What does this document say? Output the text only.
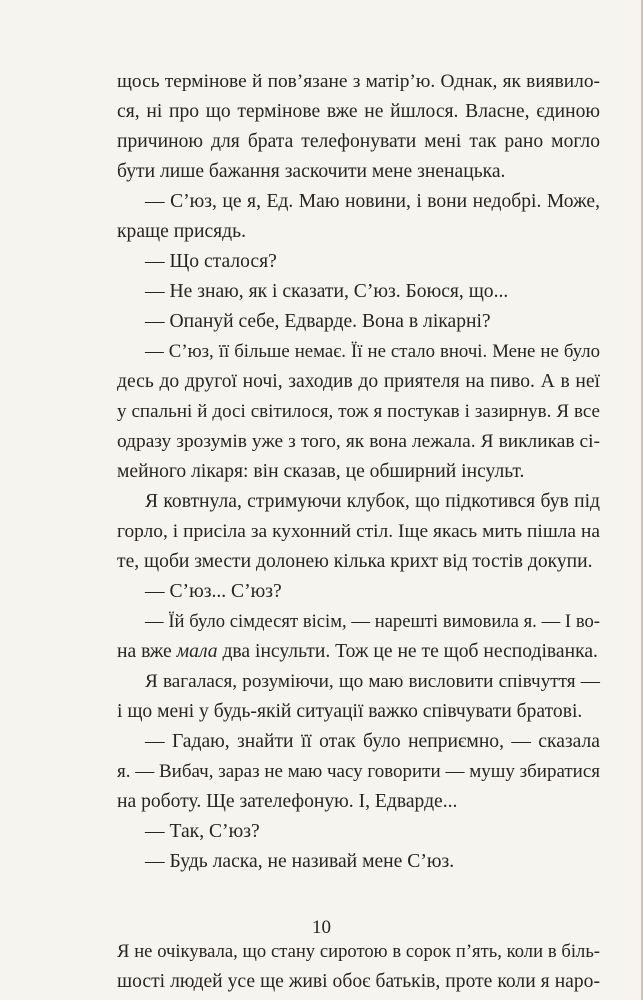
щось термінове й пов’язане з матір’ю. Однак, як виявило-
ся, ні про що термінове вже не йшлося. Власне, єдиною
причиною для брата телефонувати мені так рано могло
бути лише бажання заскочити мене зненацька.
— С’юз, це я, Ед. Маю новини, і вони недобрі. Може,
краще присядь.
— Що сталося?
— Не знаю, як і сказати, С’юз. Боюся, що...
— Опануй себе, Едварде. Вона в лікарні?
— С’юз, її більше немає. Її не стало вночі. Мене не було
десь до другої ночі, заходив до приятеля на пиво. А в неї
у спальні й досі світилося, тож я постукав і зазирнув. Я все
одразу зрозумів уже з того, як вона лежала. Я викликав сі-
мейного лікаря: він сказав, це обширний інсульт.
Я ковтнула, стримуючи клубок, що підкотився був під
горло, і присіла за кухонний стіл. Іще якась мить пішла на
те, щоби змести долонею кілька крихт від тостів докупи.
— С’юз... С’юз?
— Їй було сімдесят вісім, — нарешті вимовила я. — І во-
на вже мала два інсульти. Тож це не те щоб несподіванка.
Я вагалася, розуміючи, що маю висловити співчуття —
і що мені у будь-якій ситуації важко співчувати братові.
— Гадаю, знайти її отак було неприємно, — сказала
я. — Вибач, зараз не маю часу говорити — мушу збиратися
на роботу. Ще зателефоную. І, Едварде...
— Так, С’юз?
— Будь ласка, не називай мене С’юз.
Я не очікувала, що стану сиротою в сорок п’ять, коли в біль-
шості людей усе ще живі обоє батьків, проте коли я наро-
10
